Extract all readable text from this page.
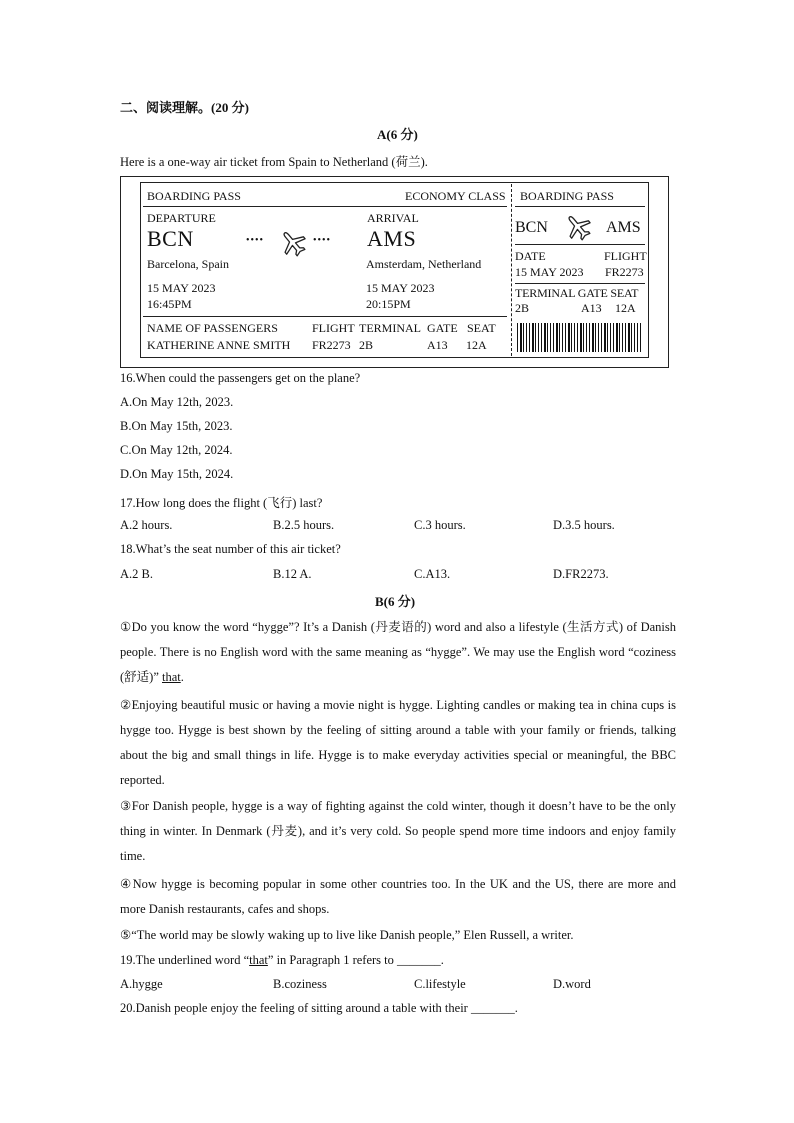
二、阅读理解。(20 分)
A(6 分)
Here is a one-way air ticket from Spain to Netherland (荷兰).
BOARDING PASS	ECONOMY CLASS
DEPARTURE
BCN
Barcelona, Spain
15 MAY 2023
16:45PM
••••	••••
ARRIVAL
AMS
Amsterdam, Netherland
15 MAY 2023
20:15PM
NAME OF PASSENGERS	FLIGHT TERMINAL GATE SEAT
KATHERINE ANNE SMITH FR2273 2B	A13 12A
BOARDING PASS
BCN	AMS
DATE	FLIGHT
15 MAY 2023 FR2273
TERMINAL GATE SEAT
2B	A13 12A
16.When could the passengers get on the plane?
A.On May 12th, 2023.
B.On May 15th, 2023.
C.On May 12th, 2024.
D.On May 15th, 2024.
17.How long does the flight (飞行) last?
A.2 hours.	B.2.5 hours.	C.3 hours.	D.3.5 hours.
18.What’s the seat number of this air ticket?
A.2 B.	B.12 A.	C.A13.	D.FR2273.
B(6 分)
①Do you know the word “hygge”? It’s a Danish (丹麦语的) word and also a lifestyle (生活方式) of Danish people. There is no English word with the same meaning as “hygge”. We may use the English word “coziness (舒适)” that.
②Enjoying beautiful music or having a movie night is hygge. Lighting candles or making tea in china cups is hygge too. Hygge is best shown by the feeling of sitting around a table with your family or friends, talking about the big and small things in life. Hygge is to make everyday activities special or meaningful, the BBC reported.
③For Danish people, hygge is a way of fighting against the cold winter, though it doesn’t have to be the only thing in winter. In Denmark (丹麦), and it’s very cold. So people spend more time indoors and enjoy family time.
④Now hygge is becoming popular in some other countries too. In the UK and the US, there are more and more Danish restaurants, cafes and shops.
⑤“The world may be slowly waking up to live like Danish people,” Elen Russell, a writer.
19.The underlined word “that” in Paragraph 1 refers to _______.
A.hygge	B.coziness	C.lifestyle	D.word
20.Danish people enjoy the feeling of sitting around a table with their _______.
